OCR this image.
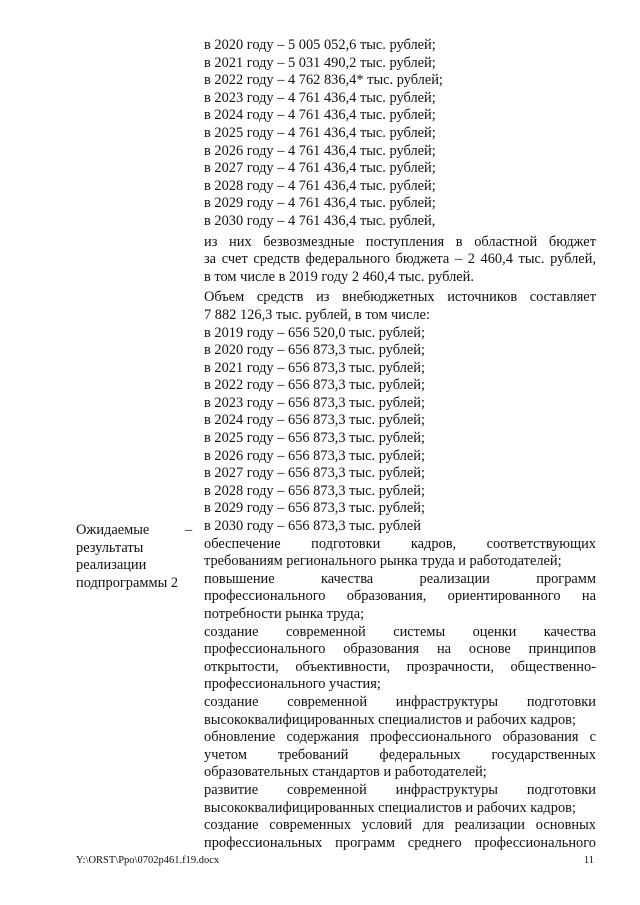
в 2020 году – 5 005 052,6 тыс. рублей;
в 2021 году – 5 031 490,2 тыс. рублей;
в 2022 году – 4 762 836,4* тыс. рублей;
в 2023 году – 4 761 436,4 тыс. рублей;
в 2024 году – 4 761 436,4 тыс. рублей;
в 2025 году – 4 761 436,4 тыс. рублей;
в 2026 году – 4 761 436,4 тыс. рублей;
в 2027 году – 4 761 436,4 тыс. рублей;
в 2028 году – 4 761 436,4 тыс. рублей;
в 2029 году – 4 761 436,4 тыс. рублей;
в 2030 году – 4 761 436,4 тыс. рублей,
из них безвозмездные поступления в областной бюджет
за счет средств федерального бюджета – 2 460,4 тыс. рублей,
в том числе в 2019 году 2 460,4 тыс. рублей.
Объем средств из внебюджетных источников составляет
7 882 126,3 тыс. рублей, в том числе:
в 2019 году – 656 520,0 тыс. рублей;
в 2020 году – 656 873,3 тыс. рублей;
в 2021 году – 656 873,3 тыс. рублей;
в 2022 году – 656 873,3 тыс. рублей;
в 2023 году – 656 873,3 тыс. рублей;
в 2024 году – 656 873,3 тыс. рублей;
в 2025 году – 656 873,3 тыс. рублей;
в 2026 году – 656 873,3 тыс. рублей;
в 2027 году – 656 873,3 тыс. рублей;
в 2028 году – 656 873,3 тыс. рублей;
в 2029 году – 656 873,3 тыс. рублей;
в 2030 году – 656 873,3 тыс. рублей
обеспечение подготовки кадров, соответствующих
требованиям регионального рынка труда и работодателей;
повышение качества реализации программ
профессионального образования, ориентированного на
потребности рынка труда;
создание современной системы оценки качества
профессионального образования на основе принципов
открытости, объективности, прозрачности, общественно-
профессионального участия;
создание современной инфраструктуры подготовки
высококвалифицированных специалистов и рабочих кадров;
обновление содержания профессионального образования с
учетом требований федеральных государственных
образовательных стандартов и работодателей;
развитие современной инфраструктуры подготовки
высококвалифицированных специалистов и рабочих кадров;
создание современных условий для реализации основных
профессиональных программ среднего профессионального
Ожидаемые
результаты
реализации
подпрограммы 2
–
Y:\ORST\Ppo\0702p461.f19.docx	11
